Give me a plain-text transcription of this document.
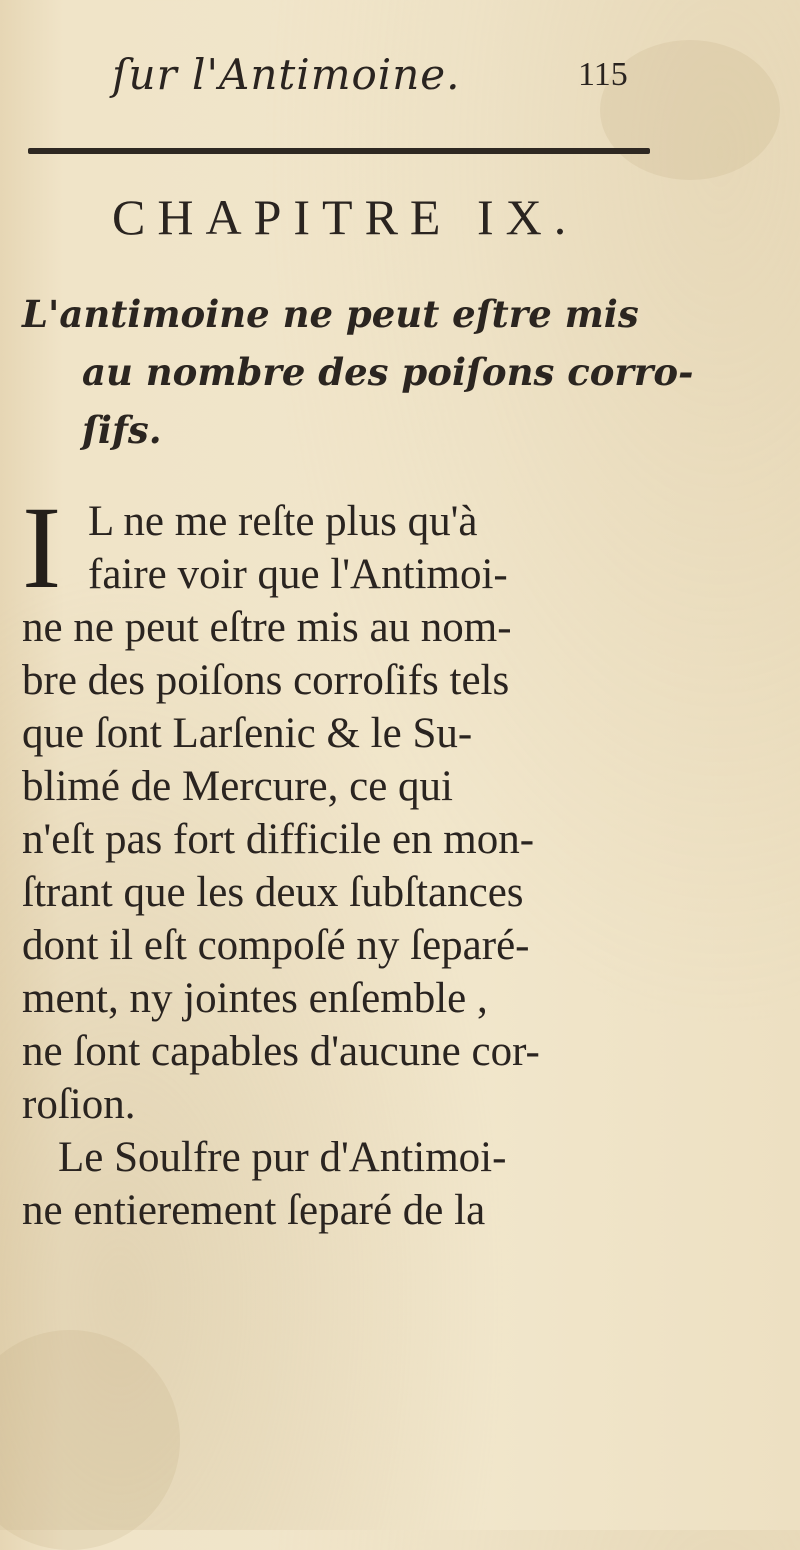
ſur l'Antimoine.	115
CHAPITRE IX.
L'antimoine ne peut eſtre mis
au nombre des poiſons corro-
ſifs.
I L ne me reſte plus qu'à
faire voir que l'Antimoi-
ne ne peut eſtre mis au nom-
bre des poiſons corroſifs tels
que ſont Larſenic & le Su-
blimé de Mercure, ce qui
n'eſt pas fort difficile en mon-
ſtrant que les deux ſubſtances
dont il eſt compoſé ny ſeparé-
ment, ny jointes enſemble ,
ne ſont capables d'aucune cor-
roſion.
Le Soulfre pur d'Antimoi-
ne entierement ſeparé de la
